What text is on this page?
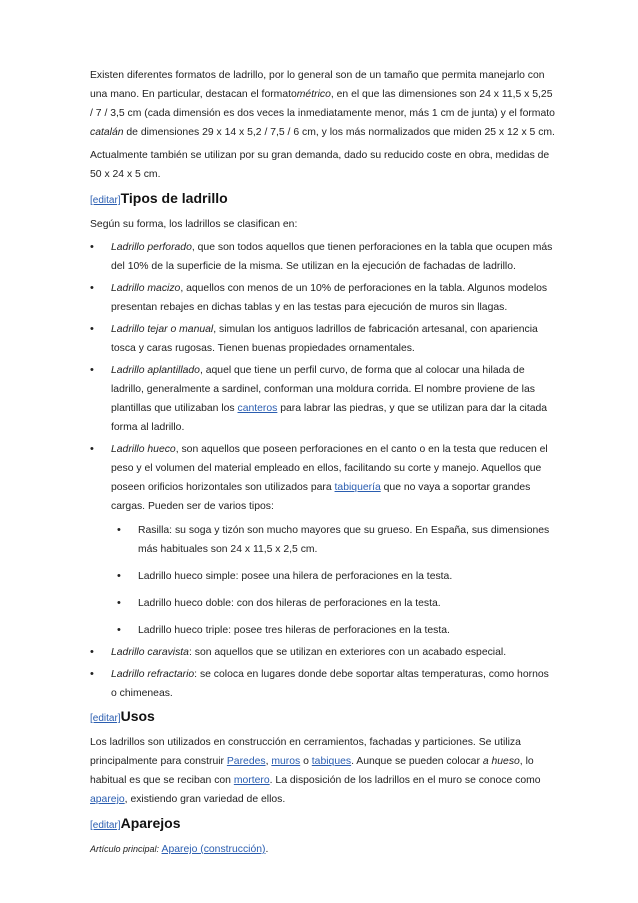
Existen diferentes formatos de ladrillo, por lo general son de un tamaño que permita manejarlo con una mano. En particular, destacan el formatométrico, en el que las dimensiones son 24 x 11,5 x 5,25 / 7 / 3,5 cm (cada dimensión es dos veces la inmediatamente menor, más 1 cm de junta) y el formato catalán de dimensiones 29 x 14 x 5,2 / 7,5 / 6 cm, y los más normalizados que miden 25 x 12 x 5 cm.

Actualmente también se utilizan por su gran demanda, dado su reducido coste en obra, medidas de 50 x 24 x 5 cm.

[editar]Tipos de ladrillo

Según su forma, los ladrillos se clasifican en:

• Ladrillo perforado, que son todos aquellos que tienen perforaciones en la tabla que ocupen más del 10% de la superficie de la misma. Se utilizan en la ejecución de fachadas de ladrillo.
• Ladrillo macizo, aquellos con menos de un 10% de perforaciones en la tabla. Algunos modelos presentan rebajes en dichas tablas y en las testas para ejecución de muros sin llagas.
• Ladrillo tejar o manual, simulan los antiguos ladrillos de fabricación artesanal, con apariencia tosca y caras rugosas. Tienen buenas propiedades ornamentales.
• Ladrillo aplantillado, aquel que tiene un perfil curvo, de forma que al colocar una hilada de ladrillo, generalmente a sardinel, conforman una moldura corrida. El nombre proviene de las plantillas que utilizaban los canteros para labrar las piedras, y que se utilizan para dar la citada forma al ladrillo.
• Ladrillo hueco, son aquellos que poseen perforaciones en el canto o en la testa que reducen el peso y el volumen del material empleado en ellos, facilitando su corte y manejo. Aquellos que poseen orificios horizontales son utilizados para tabiquería que no vaya a soportar grandes cargas. Pueden ser de varios tipos:
• Rasilla: su soga y tizón son mucho mayores que su grueso. En España, sus dimensiones más habituales son 24 x 11,5 x 2,5 cm.
• Ladrillo hueco simple: posee una hilera de perforaciones en la testa.
• Ladrillo hueco doble: con dos hileras de perforaciones en la testa.
• Ladrillo hueco triple: posee tres hileras de perforaciones en la testa.
• Ladrillo caravista: son aquellos que se utilizan en exteriores con un acabado especial.
• Ladrillo refractario: se coloca en lugares donde debe soportar altas temperaturas, como hornos o chimeneas.
[editar]Usos

Los ladrillos son utilizados en construcción en cerramientos, fachadas y particiones. Se utiliza principalmente para construir Paredes, muros o tabiques. Aunque se pueden colocar a hueso, lo habitual es que se reciban con mortero. La disposición de los ladrillos en el muro se conoce como aparejo, existiendo gran variedad de ellos.

[editar]Aparejos

Artículo principal: Aparejo (construcción).
